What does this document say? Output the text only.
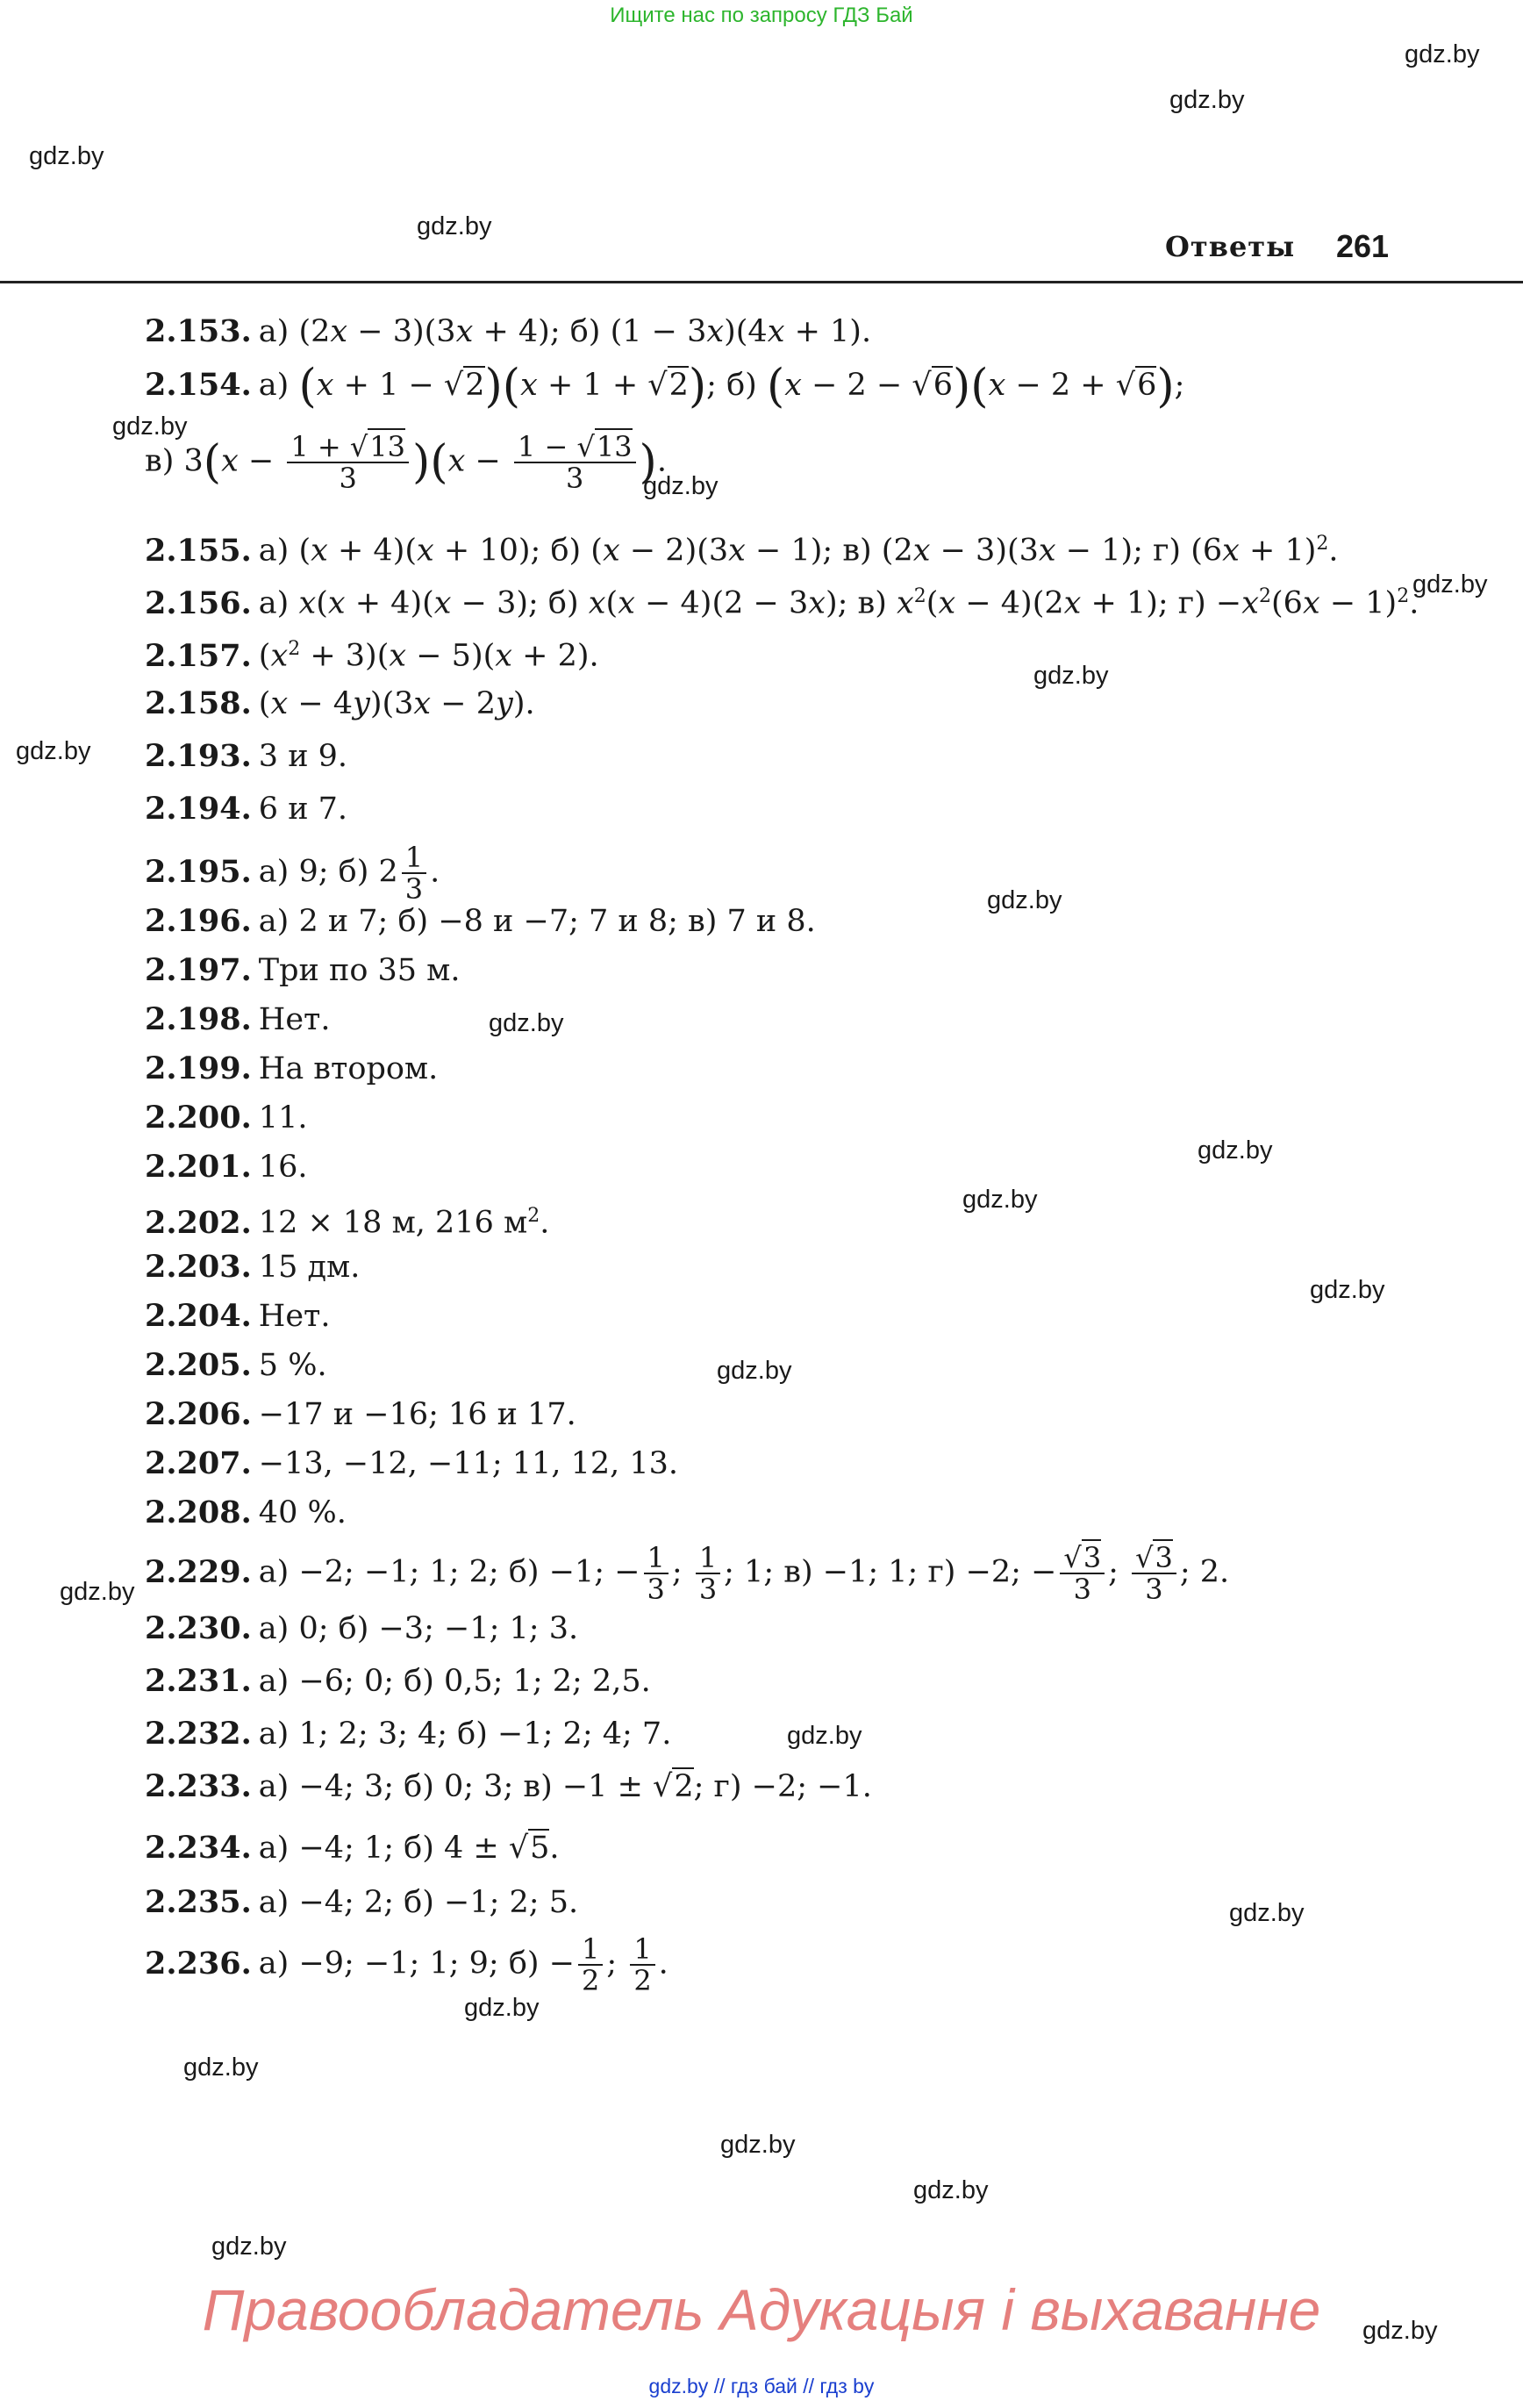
Ищите нас по запросу ГДЗ Бай
gdz.by
gdz.by
gdz.by
gdz.by
gdz.by
gdz.by
gdz.by
gdz.by
gdz.by
gdz.by
gdz.by
gdz.by
gdz.by
gdz.by
gdz.by
gdz.by
gdz.by
gdz.by
gdz.by
gdz.by
gdz.by
gdz.by
gdz.by
gdz.by
Ответы 261
2.153. а) (2x − 3)(3x + 4); б) (1 − 3x)(4x + 1).
2.154. а) (x + 1 − √2)(x + 1 + √2); б) (x − 2 − √6)(x − 2 + √6);
в) $3(x - \frac{1 + √13}{3} )(x - \frac{1 - √13}{3}$ ).
2.155. а) (x + 4)(x + 10); б) (x − 2)(3x − 1); в) (2x − 3)(3x − 1); г) $(6x + 1)^2$.
2.156. а) x(x + 4)(x − 3); б) x(x − 4)(2 − 3x); в) $x^2(x - 4)(2x + 1)$; $г) -x^2(6x - 1)^2$.
2.157. $(x^2 + 3)(x - 5)(x + 2)$.
2.158. (x − 4y)(3x − 2y).
2.193. 3 и 9.
2.194. 6 и 7.
2.195. а) 9; б) $2 \frac{1}{3}$ .
2.196. а) 2 и 7; б) −8 и −7; 7 и 8; в) 7 и 8.
2.197. Три по 35 м.
2.198. Нет.
2.199. На втором.
2.200. 11.
2.201. 16.
2.202. 12 × 18 м, 216 $м^2$.
2.203. 15 дм.
2.204. Нет.
2.205. 5 %.
2.206. −17 и −16; 16 и 17.
2.207. −13, −12, −11; 11, 12, 13.
2.208. 40 %.
2.229. а) −2; −1; 1; 2; б) −1; − $\frac{1}{3}$ ; $\frac{1}{3}$ ; 1; в) −1; 1; г) −2; − $\frac{√3}{3}$ ; $\frac{√3}{3}$ ; 2.
2.230. а) 0; б) −3; −1; 1; 3.
2.231. а) −6; 0; б) 0,5; 1; 2; 2,5.
2.232. а) 1; 2; 3; 4; б) −1; 2; 4; 7.
2.233. а) −4; 3; б) 0; 3; в) −1 ± √2; г) −2; −1.
2.234. а) −4; 1; б) 4 ± √5.
2.235. а) −4; 2; б) −1; 2; 5.
2.236. а) −9; −1; 1; 9; $б) - \frac{1}{2}$ ; $\frac{1}{2}$ .
Правообладатель Адукацыя і выхаванне
gdz.by // гдз бай // гдз by
